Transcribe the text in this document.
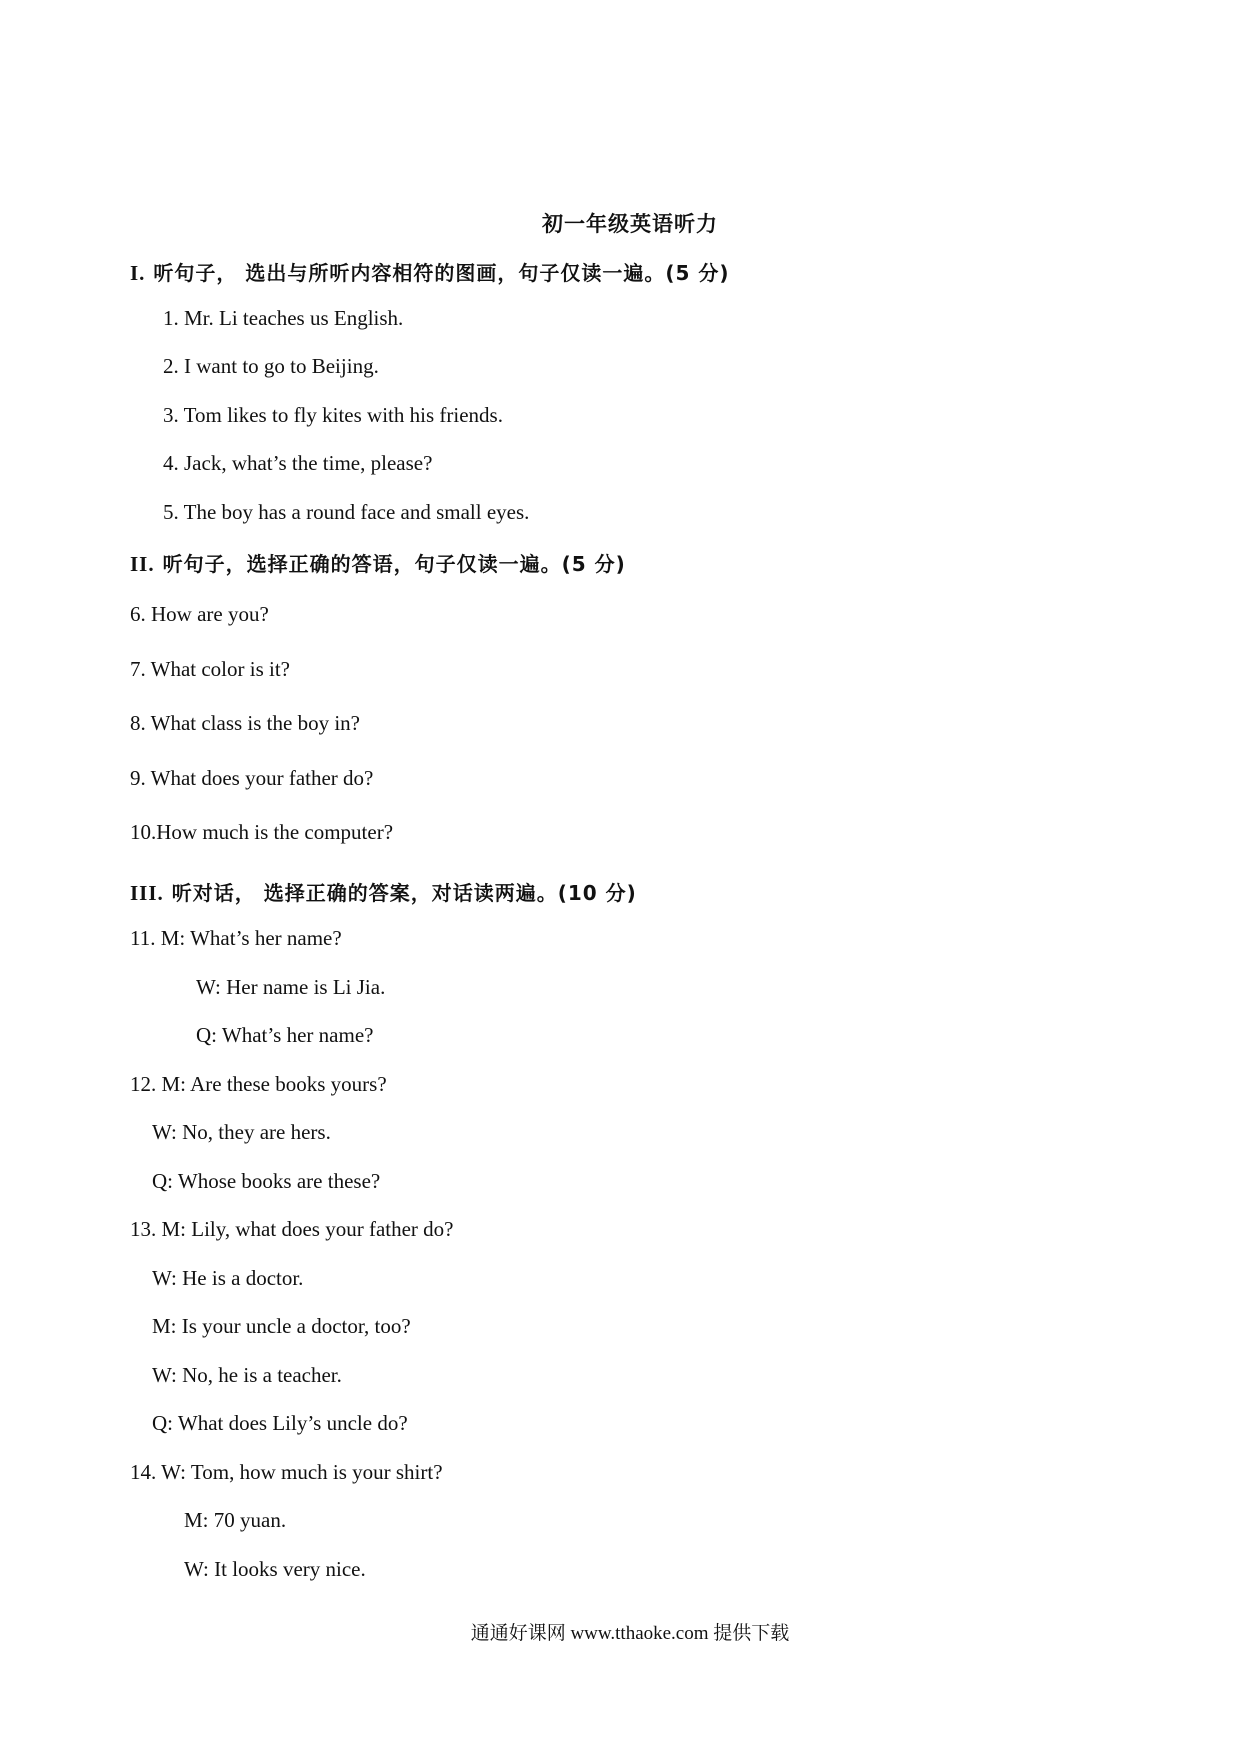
初一年级英语听力
I. 听句子， 选出与所听内容相符的图画，句子仅读一遍。(5 分)
1. Mr. Li teaches us English.
2. I want to go to Beijing.
3. Tom likes to fly kites with his friends.
4. Jack, what’s the time, please?
5. The boy has a round face and small eyes.
II. 听句子，选择正确的答语，句子仅读一遍。(5 分)
6. How are you?
7. What color is it?
8. What class is the boy in?
9. What does your father do?
10.How much is the computer?
III. 听对话， 选择正确的答案，对话读两遍。(10 分)
11. M: What’s her name?
W: Her name is Li Jia.
Q: What’s her name?
12. M: Are these books yours?
W: No, they are hers.
Q: Whose books are these?
13. M: Lily, what does your father do?
W: He is a doctor.
M: Is your uncle a doctor, too?
W: No, he is a teacher.
Q: What does Lily’s uncle do?
14. W: Tom, how much is your shirt?
M: 70 yuan.
W: It looks very nice.
通通好课网 www.tthaoke.com 提供下载
